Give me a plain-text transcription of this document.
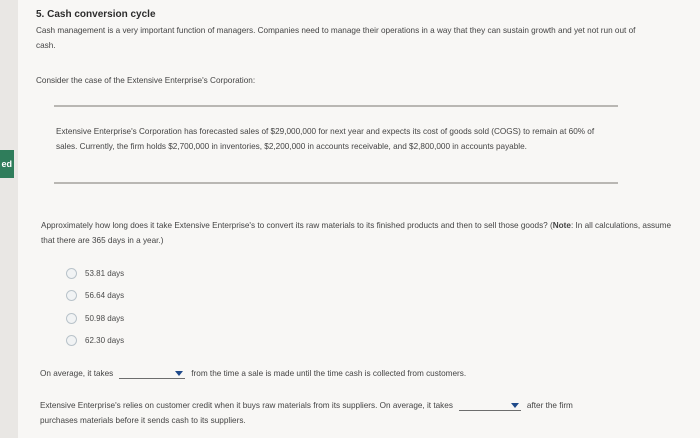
ed
5. Cash conversion cycle
Cash management is a very important function of managers. Companies need to manage their operations in a way that they can sustain growth and yet not run out of cash.
Consider the case of the Extensive Enterprise's Corporation:
Extensive Enterprise's Corporation has forecasted sales of $29,000,000 for next year and expects its cost of goods sold (COGS) to remain at 60% of sales. Currently, the firm holds $2,700,000 in inventories, $2,200,000 in accounts receivable, and $2,800,000 in accounts payable.
Approximately how long does it take Extensive Enterprise's to convert its raw materials to its finished products and then to sell those goods? (Note: In all calculations, assume that there are 365 days in a year.)
53.81 days
56.64 days
50.98 days
62.30 days
On average, it takes	from the time a sale is made until the time cash is collected from customers.
Extensive Enterprise's relies on customer credit when it buys raw materials from its suppliers. On average, it takes	after the firm
purchases materials before it sends cash to its suppliers.
